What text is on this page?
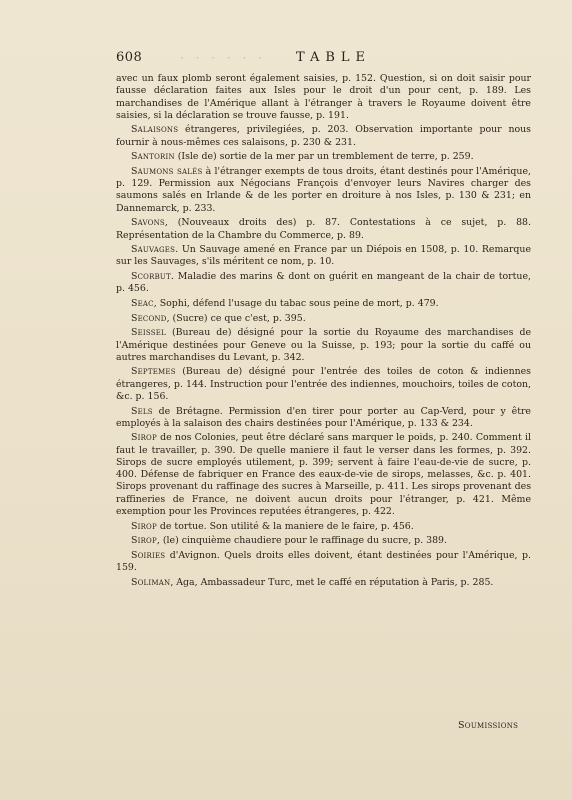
608	· · · · · · TABLE

avec un faux plomb seront également saisies, p. 152. Question, si on doit saisir pour fausse déclaration faites aux Isles pour le droit d'un pour cent, p. 189. Les marchandises de l'Amérique allant à l'étranger à travers le Royaume doivent être saisies, si la déclaration se trouve fausse, p. 191.

Salaisons étrangeres, privilegiées, p. 203. Observation importante pour nous fournir à nous-mêmes ces salaisons, p. 230 & 231.

Santorin (Isle de) sortie de la mer par un tremblement de terre, p. 259.

Saumons salés à l'étranger exempts de tous droits, étant destinés pour l'Amérique, p. 129. Permission aux Négocians François d'envoyer leurs Navires charger des saumons salés en Irlande & de les porter en droiture à nos Isles, p. 130 & 231; en Dannemarck, p. 233.

Savons, (Nouveaux droits des) p. 87. Contestations à ce sujet, p. 88. Représentation de la Chambre du Commerce, p. 89.

Sauvages. Un Sauvage amené en France par un Diépois en 1508, p. 10. Remarque sur les Sauvages, s'ils méritent ce nom, p. 10.

Scorbut. Maladie des marins & dont on guérit en mangeant de la chair de tortue, p. 456.

Seac, Sophi, défend l'usage du tabac sous peine de mort, p. 479.

Second, (Sucre) ce que c'est, p. 395.

Seissel (Bureau de) désigné pour la sortie du Royaume des marchandises de l'Amérique destinées pour Geneve ou la Suisse, p. 193; pour la sortie du caffé ou autres marchandises du Levant, p. 342.

Septemes (Bureau de) désigné pour l'entrée des toiles de coton & indiennes étrangeres, p. 144. Instruction pour l'entrée des indiennes, mouchoirs, toiles de coton, &c. p. 156.

Sels de Brétagne. Permission d'en tirer pour porter au Cap-Verd, pour y être employés à la salaison des chairs destinées pour l'Amérique, p. 133 & 234.

Sirop de nos Colonies, peut être déclaré sans marquer le poids, p. 240. Comment il faut le travailler, p. 390. De quelle maniere il faut le verser dans les formes, p. 392. Sirops de sucre employés utilement, p. 399; servent à faire l'eau-de-vie de sucre, p. 400. Défense de fabriquer en France des eaux-de-vie de sirops, melasses, &c. p. 401. Sirops provenant du raffinage des sucres à Marseille, p. 411. Les sirops provenant des raffineries de France, ne doivent aucun droits pour l'étranger, p. 421. Même exemption pour les Provinces reputées étrangeres, p. 422.

Sirop de tortue. Son utilité & la maniere de le faire, p. 456.

Sirop, (le) cinquième chaudiere pour le raffinage du sucre, p. 389.

Soiries d'Avignon. Quels droits elles doivent, étant destinées pour l'Amérique, p. 159.

Soliman, Aga, Ambassadeur Turc, met le caffé en réputation à Paris, p. 285.

Soumissions
